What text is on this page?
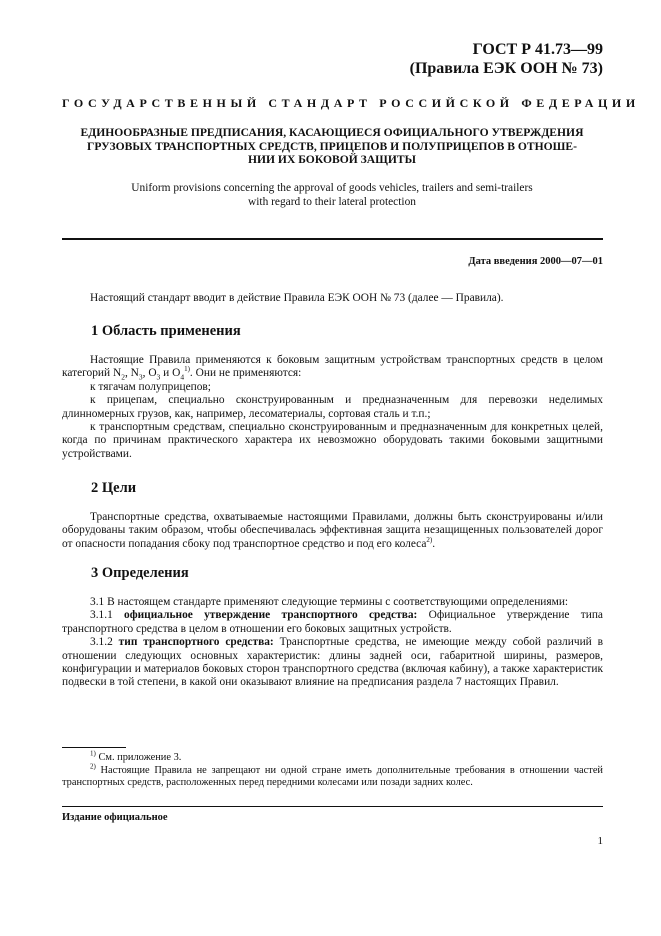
ГОСТ Р 41.73—99
(Правила ЕЭК ООН № 73)
ГОСУДАРСТВЕННЫЙ СТАНДАРТ РОССИЙСКОЙ ФЕДЕРАЦИИ
ЕДИНООБРАЗНЫЕ ПРЕДПИСАНИЯ, КАСАЮЩИЕСЯ ОФИЦИАЛЬНОГО УТВЕРЖДЕНИЯ
ГРУЗОВЫХ ТРАНСПОРТНЫХ СРЕДСТВ, ПРИЦЕПОВ И ПОЛУПРИЦЕПОВ В ОТНОШЕ-
НИИ ИХ БОКОВОЙ ЗАЩИТЫ
Uniform provisions concerning the approval of goods vehicles, trailers and semi-trailers
with regard to their lateral protection
Дата введения 2000—07—01

Настоящий стандарт вводит в действие Правила ЕЭК ООН № 73 (далее — Правила).

1 Область применения

Настоящие Правила применяются к боковым защитным устройствам транспортных средств в целом категорий $N_2$, $N_3$, $O_3$ и $O_4^{1)}$. Они не применяются:

к тягачам полуприцепов;

к прицепам, специально сконструированным и предназначенным для перевозки неделимых длинномерных грузов, как, например, лесоматериалы, сортовая сталь и т.п.;

к транспортным средствам, специально сконструированным и предназначенным для конкретных целей, когда по причинам практического характера их невозможно оборудовать такими боковыми защитными устройствами.

2 Цели

Транспортные средства, охватываемые настоящими Правилами, должны быть сконструированы и/или оборудованы таким образом, чтобы обеспечивалась эффективная защита незащищенных пользователей дорог от опасности попадания сбоку под транспортное средство и под его колеса$^{2)}$.

3 Определения

3.1 В настоящем стандарте применяют следующие термины с соответствующими определениями:

3.1.1 официальное утверждение транспортного средства: Официальное утверждение типа транспортного средства в целом в отношении его боковых защитных устройств.

3.1.2 тип транспортного средства: Транспортные средства, не имеющие между собой различий в отношении следующих основных характеристик: длины задней оси, габаритной ширины, размеров, конфигурации и материалов боковых сторон транспортного средства (включая кабину), а также характеристик подвески в той степени, в какой они оказывают влияние на предписания раздела 7 настоящих Правил.

$^{1)}$ См. приложение 3.

$^{2)}$ Настоящие Правила не запрещают ни одной стране иметь дополнительные требования в отношении частей транспортных средств, расположенных перед передними колесами или позади задних колес.

Издание официальное
1
